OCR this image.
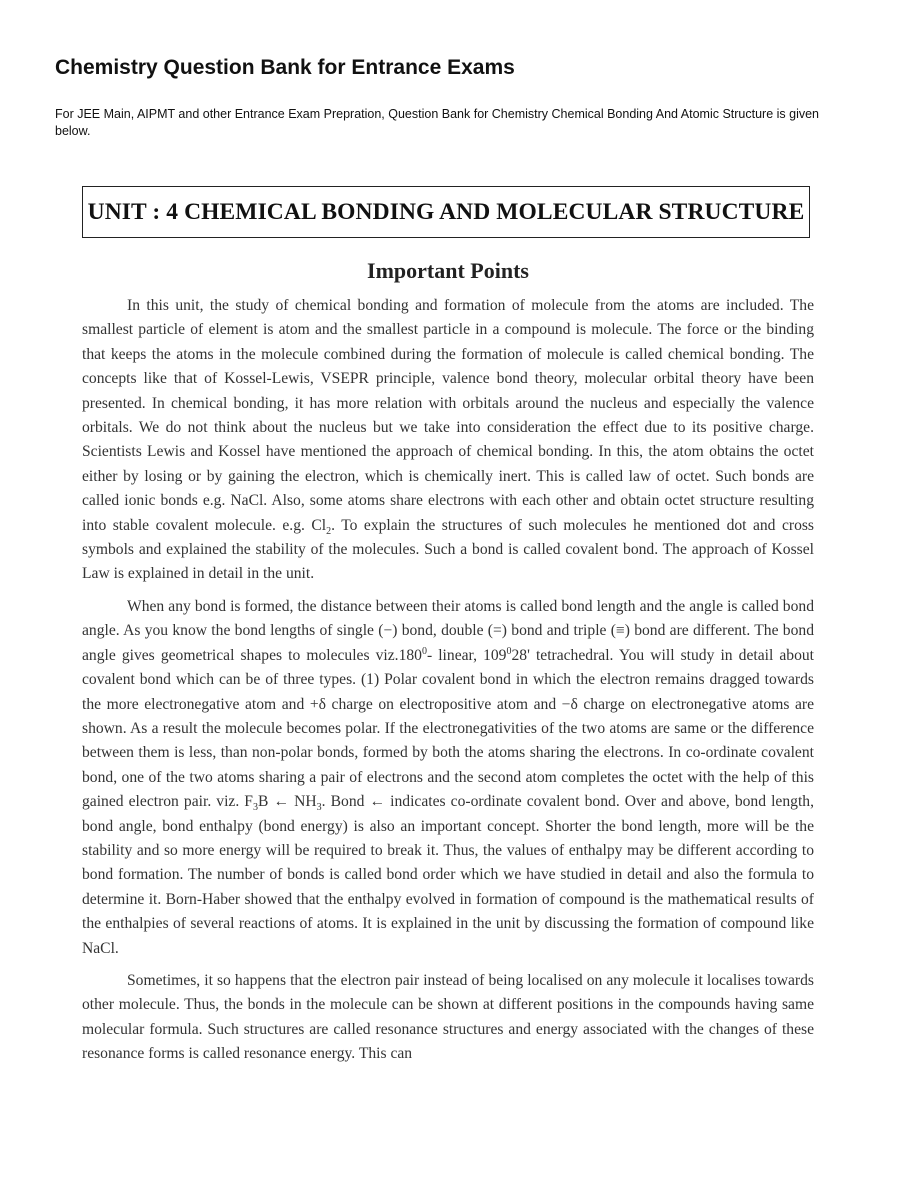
Chemistry Question Bank for Entrance Exams

For JEE Main, AIPMT and other Entrance Exam Prepration, Question Bank for Chemistry Chemical Bonding And Atomic Structure is given below.

UNIT : 4 CHEMICAL BONDING AND MOLECULAR STRUCTURE
Important Points

In this unit, the study of chemical bonding and formation of molecule from the atoms are included. The smallest particle of element is atom and the smallest particle in a compound is molecule. The force or the binding that keeps the atoms in the molecule combined during the formation of molecule is called chemical bonding. The concepts like that of Kossel-Lewis, VSEPR principle, valence bond theory, molecular orbital theory have been presented. In chemical bonding, it has more relation with orbitals around the nucleus and especially the valence orbitals. We do not think about the nucleus but we take into consideration the effect due to its positive charge. Scientists Lewis and Kossel have mentioned the approach of chemical bonding. In this, the atom obtains the octet either by losing or by gaining the electron, which is chemically inert. This is called law of octet. Such bonds are called ionic bonds e.g. NaCl. Also, some atoms share electrons with each other and obtain octet structure resulting into stable covalent molecule. e.g. $Cl_2$. To explain the structures of such molecules he mentioned dot and cross symbols and explained the stability of the molecules. Such a bond is called covalent bond. The approach of Kossel Law is explained in detail in the unit.

When any bond is formed, the distance between their atoms is called bond length and the angle is called bond angle. As you know the bond lengths of single (−) bond, double (=) bond and triple (≡) bond are different. The bond angle gives geometrical shapes to molecules viz.180$^0$- linear, $109^028'$ tetrachedral. You will study in detail about covalent bond which can be of three types. (1) Polar covalent bond in which the electron remains dragged towards the more electronegative atom and +δ charge on electropositive atom and −δ charge on electronegative atoms are shown. As a result the molecule becomes polar. If the electronegativities of the two atoms are same or the difference between them is less, than non-polar bonds, formed by both the atoms sharing the electrons. In co-ordinate covalent bond, one of the two atoms sharing a pair of electrons and the second atom completes the octet with the help of this gained electron pair. viz. $F_3B$ ← $NH_3$. Bond ← indicates co-ordinate covalent bond. Over and above, bond length, bond angle, bond enthalpy (bond energy) is also an important concept. Shorter the bond length, more will be the stability and so more energy will be required to break it. Thus, the values of enthalpy may be different according to bond formation. The number of bonds is called bond order which we have studied in detail and also the formula to determine it. Born-Haber showed that the enthalpy evolved in formation of compound is the mathematical results of the enthalpies of several reactions of atoms. It is explained in the unit by discussing the formation of compound like NaCl.

Sometimes, it so happens that the electron pair instead of being localised on any molecule it localises towards other molecule. Thus, the bonds in the molecule can be shown at different positions in the compounds having same molecular formula. Such structures are called resonance structures and energy associated with the changes of these resonance forms is called resonance energy. This can
